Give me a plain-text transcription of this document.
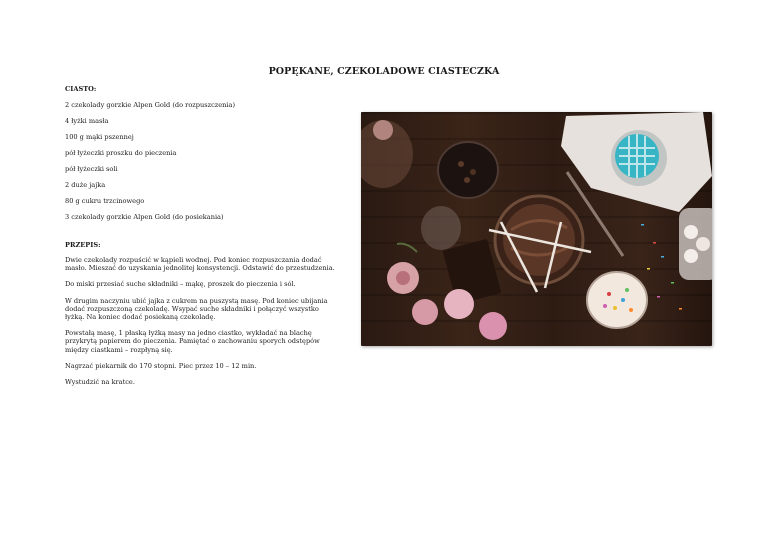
POPĘKANE, CZEKOLADOWE CIASTECZKA
CIASTO:
2 czekolady gorzkie Alpen Gold (do rozpuszczenia)
4 łyżki masła
100 g mąki pszennej
pół łyżeczki proszku do pieczenia
pół łyżeczki soli
2 duże jajka
80 g cukru trzcinowego
3 czekolady gorzkie Alpen Gold (do posiekania)
PRZEPIS:

Dwie czekolady rozpuścić w kąpieli wodnej. Pod koniec rozpuszczania dodać masło. Mieszać do uzyskania jednolitej konsystencji. Odstawić do przestudzenia.

Do miski przesiać suche składniki – mąkę, proszek do pieczenia i sól.

W drugim naczyniu ubić jajka z cukrem na puszystą masę. Pod koniec ubijania dodać rozpuszczoną czekoladę. Wsypać suche składniki i połączyć wszystko łyżką. Na koniec dodać posiekaną czekoladę.

Powstałą masę, 1 płaską łyżką masy na jedno ciastko, wykładać na blachę przykrytą papierem do pieczenia. Pamiętać o zachowaniu sporych odstępów między ciastkami – rozpłyną się.

Nagrzać piekarnik do 170 stopni. Piec przez 10 – 12 min.

Wystudzić na kratce.
